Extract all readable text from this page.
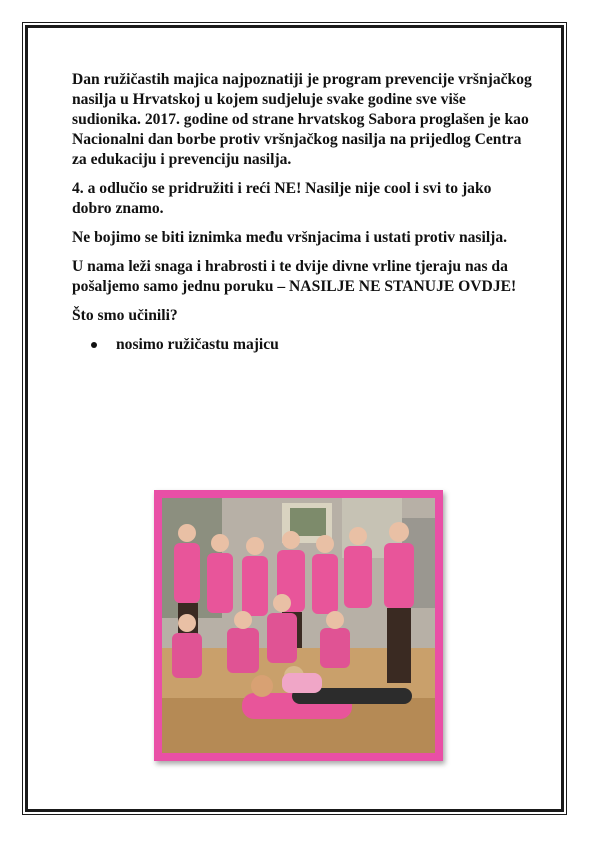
Dan ružičastih majica najpoznatiji je program prevencije vršnjačkog nasilja u Hrvatskoj u kojem sudjeluje svake godine sve više sudionika. 2017. godine od strane hrvatskog Sabora proglašen je kao Nacionalni dan borbe protiv vršnjačkog nasilja na prijedlog Centra za edukaciju i prevenciju nasilja.

4. a odlučio se pridružiti i reći NE! Nasilje nije cool i svi to jako dobro znamo.

Ne bojimo se biti iznimka među vršnjacima i ustati protiv nasilja.

U nama leži snaga i hrabrosti i te dvije divne vrline tjeraju nas da pošaljemo samo jednu poruku – NASILJE NE STANUJE OVDJE!

Što smo učinili?

nosimo ružičastu majicu
